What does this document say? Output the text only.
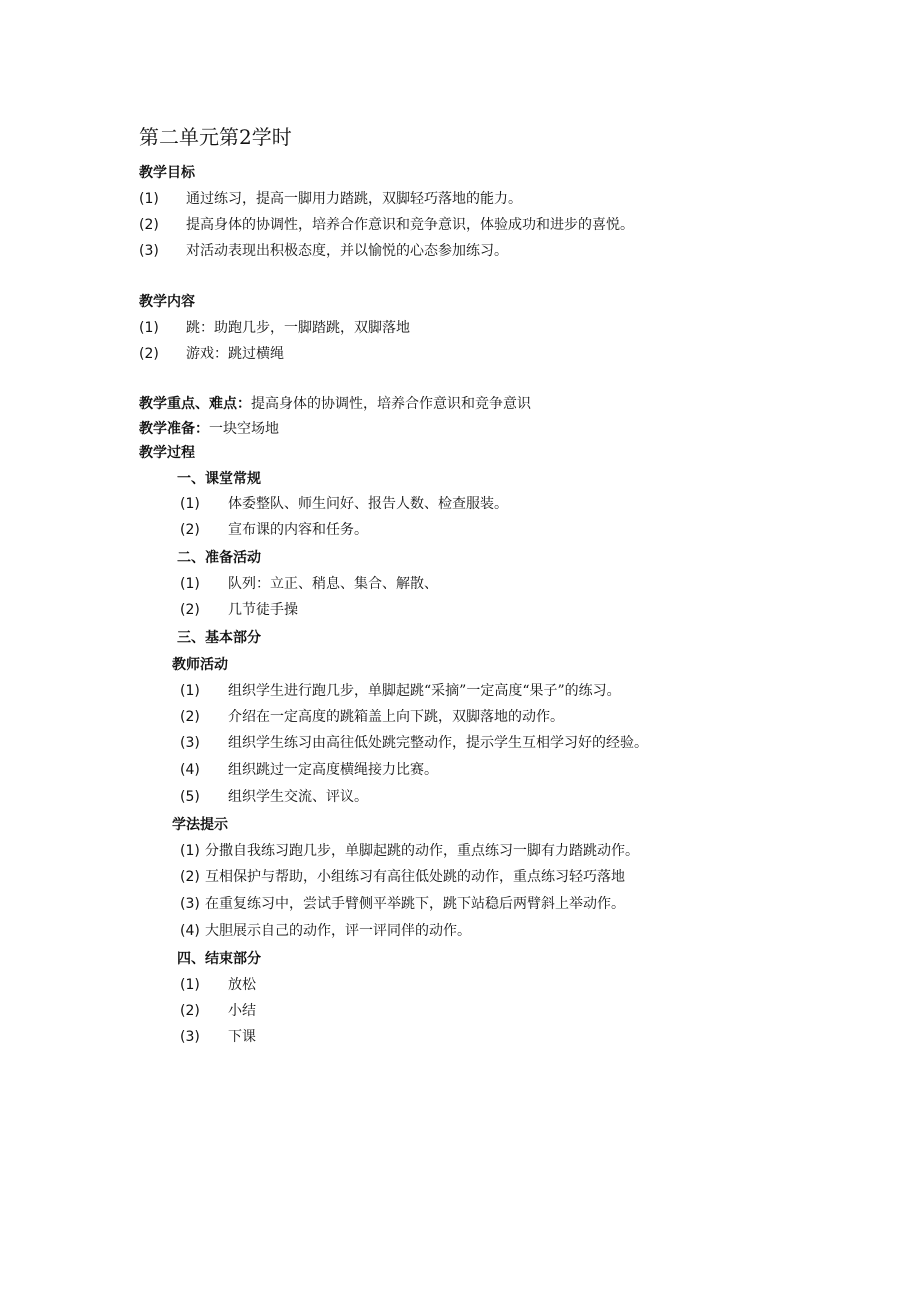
第二单元第2学时
教学目标
(1) 通过练习，提高一脚用力踏跳，双脚轻巧落地的能力。
(2) 提高身体的协调性，培养合作意识和竞争意识，体验成功和进步的喜悦。
(3) 对活动表现出积极态度，并以愉悦的心态参加练习。
教学内容
(1) 跳：助跑几步，一脚踏跳，双脚落地
(2) 游戏：跳过横绳
教学重点、难点：提高身体的协调性，培养合作意识和竞争意识
教学准备：一块空场地
教学过程
一、课堂常规
(1) 体委整队、师生问好、报告人数、检查服装。
(2) 宣布课的内容和任务。
二、准备活动
(1) 队列：立正、稍息、集合、解散、
(2) 几节徒手操
三、基本部分
教师活动
(1) 组织学生进行跑几步，单脚起跳“采摘”一定高度“果子”的练习。
(2) 介绍在一定高度的跳箱盖上向下跳，双脚落地的动作。
(3) 组织学生练习由高往低处跳完整动作，提示学生互相学习好的经验。
(4) 组织跳过一定高度横绳接力比赛。
(5) 组织学生交流、评议。
学法提示
(1) 分撒自我练习跑几步，单脚起跳的动作，重点练习一脚有力踏跳动作。
(2) 互相保护与帮助，小组练习有高往低处跳的动作，重点练习轻巧落地
(3) 在重复练习中，尝试手臂侧平举跳下，跳下站稳后两臂斜上举动作。
(4) 大胆展示自己的动作，评一评同伴的动作。
四、结束部分
(1) 放松
(2) 小结
(3) 下课
